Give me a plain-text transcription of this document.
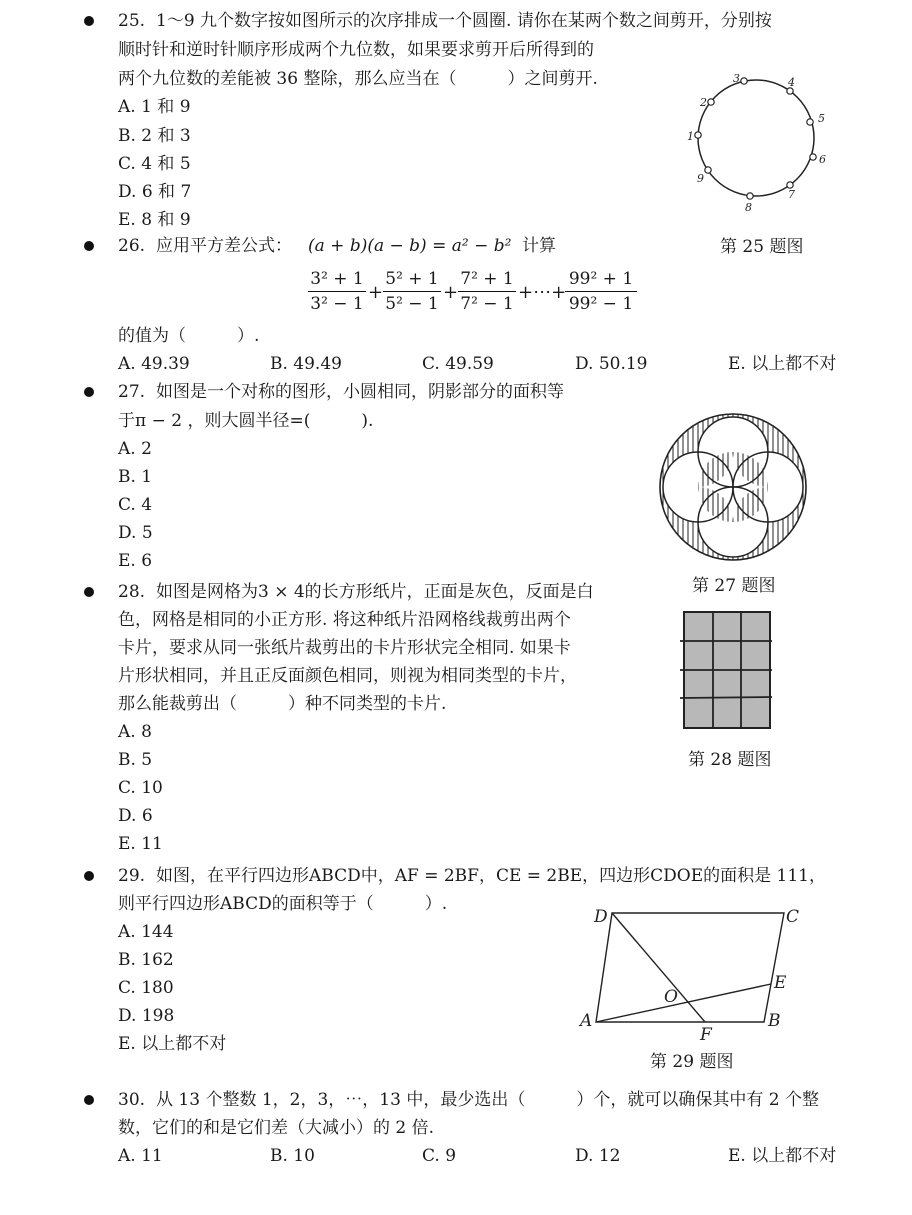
25. 1～9 九个数字按如图所示的次序排成一个圆圈. 请你在某两个数之间剪开，分别按
顺时针和逆时针顺序形成两个九位数，如果要求剪开后所得到的
两个九位数的差能被 36 整除，那么应当在（　　　）之间剪开.
A. 1 和 9
B. 2 和 3
C. 4 和 5
D. 6 和 7
E. 8 和 9
1
2
3	4
5
6
7
8
9
第 25 题图
26. 应用平方差公式： (a + b)(a − b) = a² − b² 计算
3² + 1
3² − 1
+
5² + 1
5² − 1
+
7² + 1
7² − 1
+⋯+
99² + 1
99² − 1
的值为（　　　）.
A. 49.39	B. 49.49	C. 49.59	D. 50.19	E. 以上都不对
27. 如图是一个对称的图形，小圆相同，阴影部分的面积等
于π − 2 ，则大圆半径=(　　　).
A. 2
B. 1
C. 4
D. 5
E. 6
第 27 题图
28. 如图是网格为3 × 4的长方形纸片，正面是灰色，反面是白
色，网格是相同的小正方形. 将这种纸片沿网格线裁剪出两个
卡片，要求从同一张纸片裁剪出的卡片形状完全相同. 如果卡
片形状相同，并且正反面颜色相同，则视为相同类型的卡片，
那么能裁剪出（　　　）种不同类型的卡片.
A. 8
B. 5
C. 10
D. 6
E. 11
第 28 题图
29. 如图，在平行四边形ABCD中，AF = 2BF，CE = 2BE，四边形CDOE的面积是 111，
则平行四边形ABCD的面积等于（　　　）.
A. 144
B. 162
C. 180
D. 198
E. 以上都不对
D	C
E
O
A	B
F
第 29 题图
30. 从 13 个整数 1，2，3，⋯，13 中，最少选出（　　　）个，就可以确保其中有 2 个整
数，它们的和是它们差（大减小）的 2 倍.
A. 11	B. 10	C. 9	D. 12	E. 以上都不对
